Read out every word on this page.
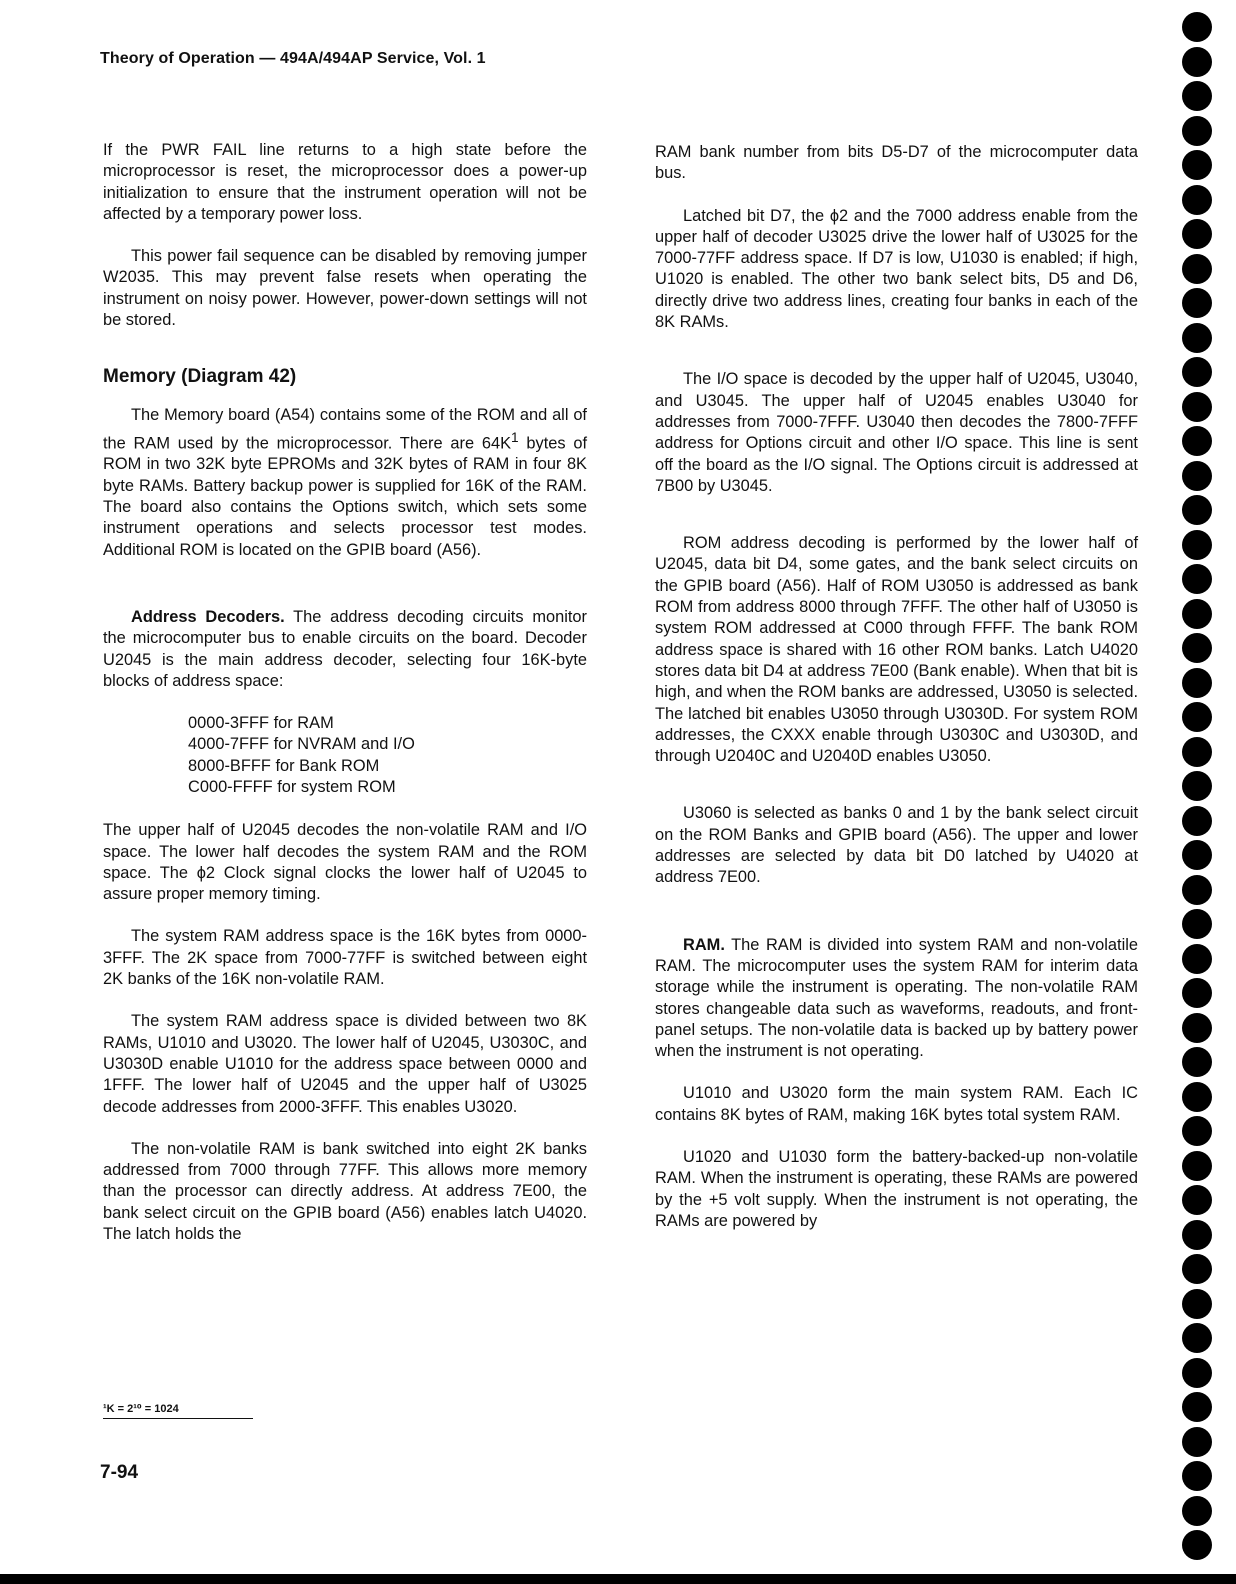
Theory of Operation — 494A/494AP Service, Vol. 1

If the PWR FAIL line returns to a high state before the microprocessor is reset, the microprocessor does a power-up initialization to ensure that the instrument operation will not be affected by a temporary power loss.

This power fail sequence can be disabled by removing jumper W2035. This may prevent false resets when operating the instrument on noisy power. However, power-down settings will not be stored.

Memory (Diagram 42)

The Memory board (A54) contains some of the ROM and all of the RAM used by the microprocessor. There are $64K^1$ bytes of ROM in two 32K byte EPROMs and 32K bytes of RAM in four 8K byte RAMs. Battery backup power is supplied for 16K of the RAM. The board also contains the Options switch, which sets some instrument operations and selects processor test modes. Additional ROM is located on the GPIB board (A56).

Address Decoders. The address decoding circuits monitor the microcomputer bus to enable circuits on the board. Decoder U2045 is the main address decoder, selecting four 16K-byte blocks of address space:

0000-3FFF for RAM
4000-7FFF for NVRAM and I/O
8000-BFFF for Bank ROM
C000-FFFF for system ROM

The upper half of U2045 decodes the non-volatile RAM and I/O space. The lower half decodes the system RAM and the ROM space. The ϕ2 Clock signal clocks the lower half of U2045 to assure proper memory timing.

The system RAM address space is the 16K bytes from 0000-3FFF. The 2K space from 7000-77FF is switched between eight 2K banks of the 16K non-volatile RAM.

The system RAM address space is divided between two 8K RAMs, U1010 and U3020. The lower half of U2045, U3030C, and U3030D enable U1010 for the address space between 0000 and 1FFF. The lower half of U2045 and the upper half of U3025 decode addresses from 2000-3FFF. This enables U3020.

The non-volatile RAM is bank switched into eight 2K banks addressed from 7000 through 77FF. This allows more memory than the processor can directly address. At address 7E00, the bank select circuit on the GPIB board (A56) enables latch U4020. The latch holds the

¹K = 2¹⁰ = 1024
7-94

RAM bank number from bits D5-D7 of the microcomputer data bus.

Latched bit D7, the ϕ2 and the 7000 address enable from the upper half of decoder U3025 drive the lower half of U3025 for the 7000-77FF address space. If D7 is low, U1030 is enabled; if high, U1020 is enabled. The other two bank select bits, D5 and D6, directly drive two address lines, creating four banks in each of the 8K RAMs.

The I/O space is decoded by the upper half of U2045, U3040, and U3045. The upper half of U2045 enables U3040 for addresses from 7000-7FFF. U3040 then decodes the 7800-7FFF address for Options circuit and other I/O space. This line is sent off the board as the I/O signal. The Options circuit is addressed at 7B00 by U3045.

ROM address decoding is performed by the lower half of U2045, data bit D4, some gates, and the bank select circuits on the GPIB board (A56). Half of ROM U3050 is addressed as bank ROM from address 8000 through 7FFF. The other half of U3050 is system ROM addressed at C000 through FFFF. The bank ROM address space is shared with 16 other ROM banks. Latch U4020 stores data bit D4 at address 7E00 (Bank enable). When that bit is high, and when the ROM banks are addressed, U3050 is selected. The latched bit enables U3050 through U3030D. For system ROM addresses, the CXXX enable through U3030C and U3030D, and through U2040C and U2040D enables U3050.

U3060 is selected as banks 0 and 1 by the bank select circuit on the ROM Banks and GPIB board (A56). The upper and lower addresses are selected by data bit D0 latched by U4020 at address 7E00.

RAM. The RAM is divided into system RAM and non-volatile RAM. The microcomputer uses the system RAM for interim data storage while the instrument is operating. The non-volatile RAM stores changeable data such as waveforms, readouts, and front-panel setups. The non-volatile data is backed up by battery power when the instrument is not operating.

U1010 and U3020 form the main system RAM. Each IC contains 8K bytes of RAM, making 16K bytes total system RAM.

U1020 and U1030 form the battery-backed-up non-volatile RAM. When the instrument is operating, these RAMs are powered by the +5 volt supply. When the instrument is not operating, the RAMs are powered by
